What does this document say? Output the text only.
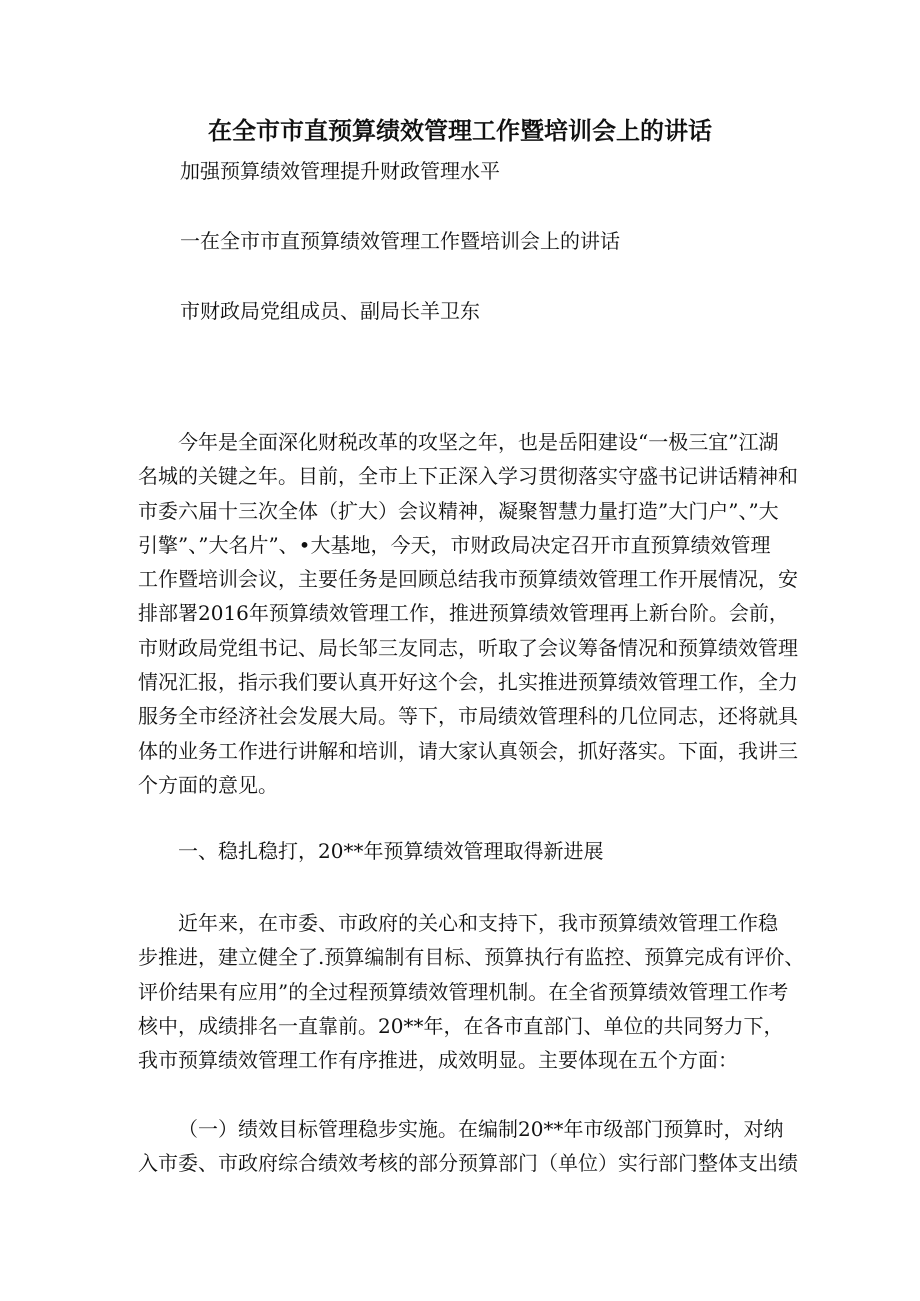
在全市市直预算绩效管理工作暨培训会上的讲话
加强预算绩效管理提升财政管理水平
一在全市市直预算绩效管理工作暨培训会上的讲话
市财政局党组成员、副局长羊卫东
今年是全面深化财税改革的攻坚之年，也是岳阳建设“一极三宜”江湖
名城的关键之年。目前，全市上下正深入学习贯彻落实守盛书记讲话精神和
市委六届十三次全体（扩大）会议精神，凝聚智慧力量打造”大门户”、”大
引擎”、”大名片”、•大基地，今天，市财政局决定召开市直预算绩效管理
工作暨培训会议，主要任务是回顾总结我市预算绩效管理工作开展情况，安
排部署2016年预算绩效管理工作，推进预算绩效管理再上新台阶。会前，
市财政局党组书记、局长邹三友同志，听取了会议筹备情况和预算绩效管理
情况汇报，指示我们要认真开好这个会，扎实推进预算绩效管理工作，全力
服务全市经济社会发展大局。等下，市局绩效管理科的几位同志，还将就具
体的业务工作进行讲解和培训，请大家认真领会，抓好落实。下面，我讲三
个方面的意见。
一、稳扎稳打，20**年预算绩效管理取得新进展
近年来，在市委、市政府的关心和支持下，我市预算绩效管理工作稳
步推进，建立健全了.预算编制有目标、预算执行有监控、预算完成有评价、
评价结果有应用”的全过程预算绩效管理机制。在全省预算绩效管理工作考
核中，成绩排名一直靠前。20**年，在各市直部门、单位的共同努力下，
我市预算绩效管理工作有序推进，成效明显。主要体现在五个方面：
（一）绩效目标管理稳步实施。在编制20**年市级部门预算时，对纳
入市委、市政府综合绩效考核的部分预算部门（单位）实行部门整体支出绩
